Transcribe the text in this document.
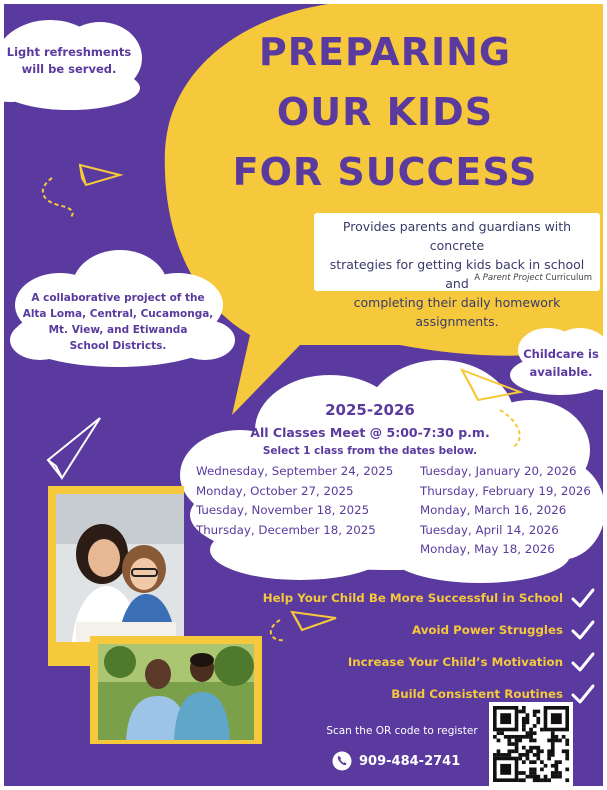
PREPARING
OUR KIDS
FOR SUCCESS
Light refreshments
will be served.
Provides parents and guardians with concrete
strategies for getting kids back in school and
completing their daily homework assignments.
A Parent Project Curriculum
A collaborative project of the
Alta Loma, Central, Cucamonga,
Mt. View, and Etiwanda
School Districts.
Childcare is
available.
2025-2026
All Classes Meet @ 5:00-7:30 p.m.
Select 1 class from the dates below.
Wednesday, September 24, 2025
Monday, October 27, 2025
Tuesday, November 18, 2025
Thursday, December 18, 2025
Tuesday, January 20, 2026
Thursday, February 19, 2026
Monday, March 16, 2026
Tuesday, April 14, 2026
Monday, May 18, 2026
Help Your Child Be More Successful in School
Avoid Power Struggles
Increase Your Child’s Motivation
Build Consistent Routines
Scan the OR code to register
909-484-2741
